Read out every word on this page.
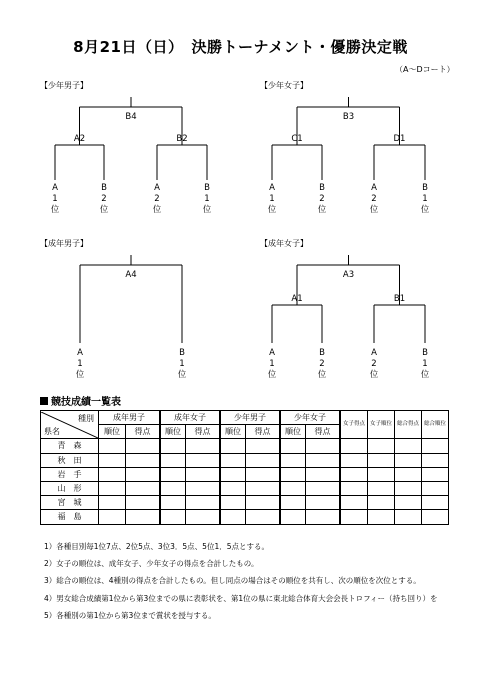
8月21日（日）　決勝トーナメント・優勝決定戦
（A～Dコート）
【少年男子】	【少年女子】
【成年男子】	【成年女子】
B4
A2	B2
A
1
位
B
2
位
A
2
位
B
1
位
B3
C1	D1
A
1
位
B
2
位
A
2
位
B
1
位
A4
A
1
位
B
1
位
A3
A1	B1
A
1
位
B
2
位
A
2
位
B
1
位
競技成績一覧表
種別
県名	成年男子		成年女子		少年男子		少年女子		女子得点	女子順位	総合得点	総合順位
	順位	得点	順位	得点	順位	得点	順位	得点				
青　森												
秋　田												
岩　手												
山　形												
宮　城												
福　島												
1）各種目別毎1位7点、2位5点、3位3．5点、5位1．5点とする。
2）女子の順位は、成年女子、少年女子の得点を合計したもの。
3）総合の順位は、4種別の得点を合計したもの。但し同点の場合はその順位を共有し、次の順位を次位とする。
4）男女総合成績第1位から第3位までの県に表彰状を、第1位の県に東北総合体育大会会長トロフィー（持ち回り）を
5）各種別の第1位から第3位まで賞状を授与する。
